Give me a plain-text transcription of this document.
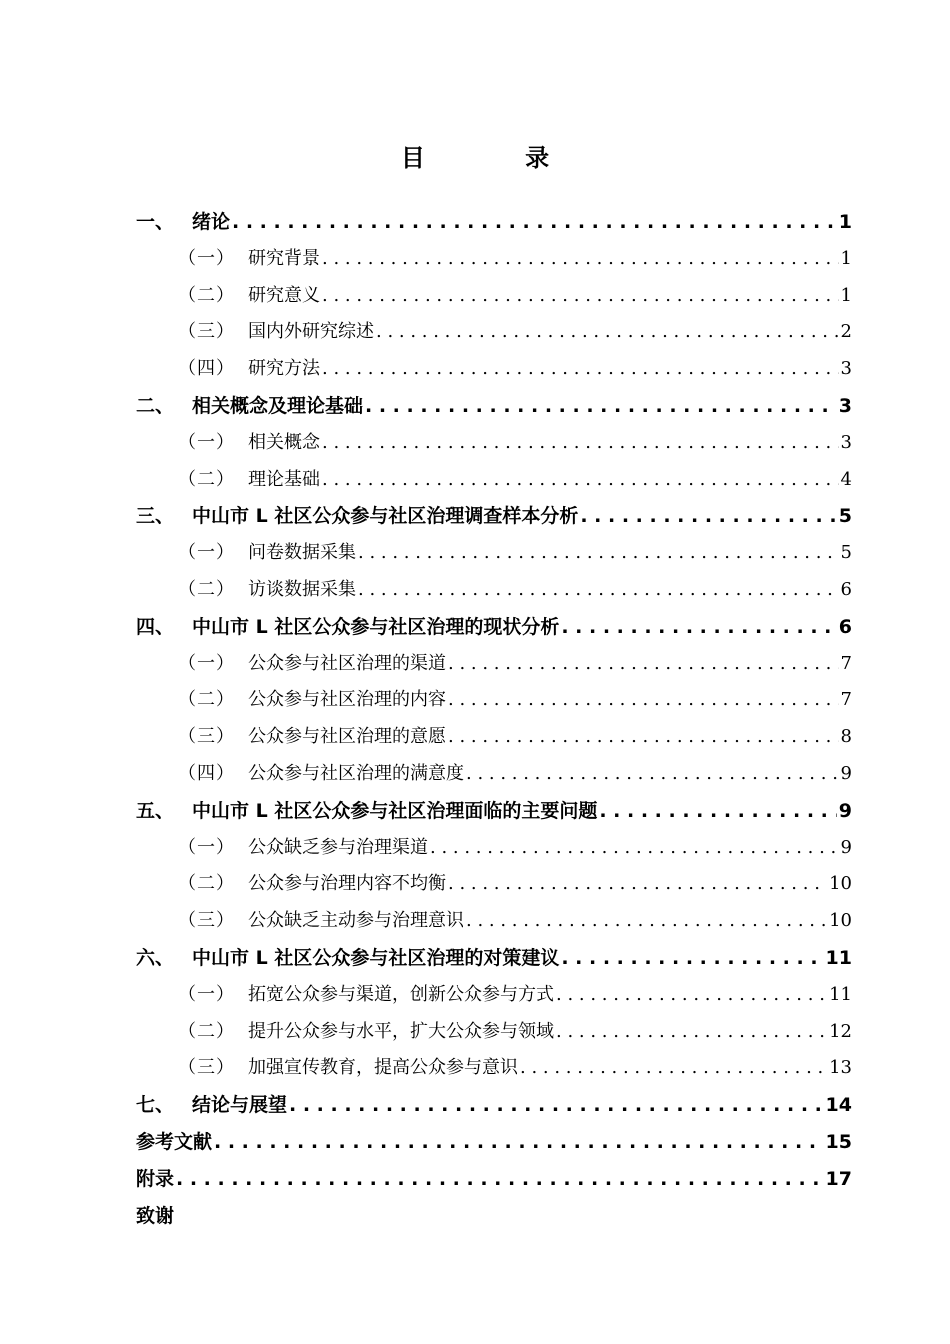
目 录
一、 绪论 . . .	1
（一） 研究背景 . . .	1
（二） 研究意义 . . .	1
（三） 国内外研究综述 . . .	2
（四） 研究方法 . . .	3
二、 相关概念及理论基础 . . .	3
（一） 相关概念 . . .	3
（二） 理论基础 . . .	4
三、 中山市 L 社区公众参与社区治理调查样本分析 . . .	5
（一） 问卷数据采集 . . .	5
（二） 访谈数据采集 . . .	6
四、 中山市 L 社区公众参与社区治理的现状分析 . . .	6
（一） 公众参与社区治理的渠道 . . .	7
（二） 公众参与社区治理的内容 . . .	7
（三） 公众参与社区治理的意愿 . . .	8
（四） 公众参与社区治理的满意度 . . .	9
五、 中山市 L 社区公众参与社区治理面临的主要问题 . . .	9
（一） 公众缺乏参与治理渠道 . . .	9
（二） 公众参与治理内容不均衡 . . .	10
（三） 公众缺乏主动参与治理意识 . . .	10
六、 中山市 L 社区公众参与社区治理的对策建议 . . .	11
（一） 拓宽公众参与渠道，创新公众参与方式 . . .	11
（二） 提升公众参与水平，扩大公众参与领域 . . .	12
（三） 加强宣传教育，提高公众参与意识 . . .	13
七、 结论与展望 . . .	14
参考文献 . . .	15
附录 . . .	17
致谢
